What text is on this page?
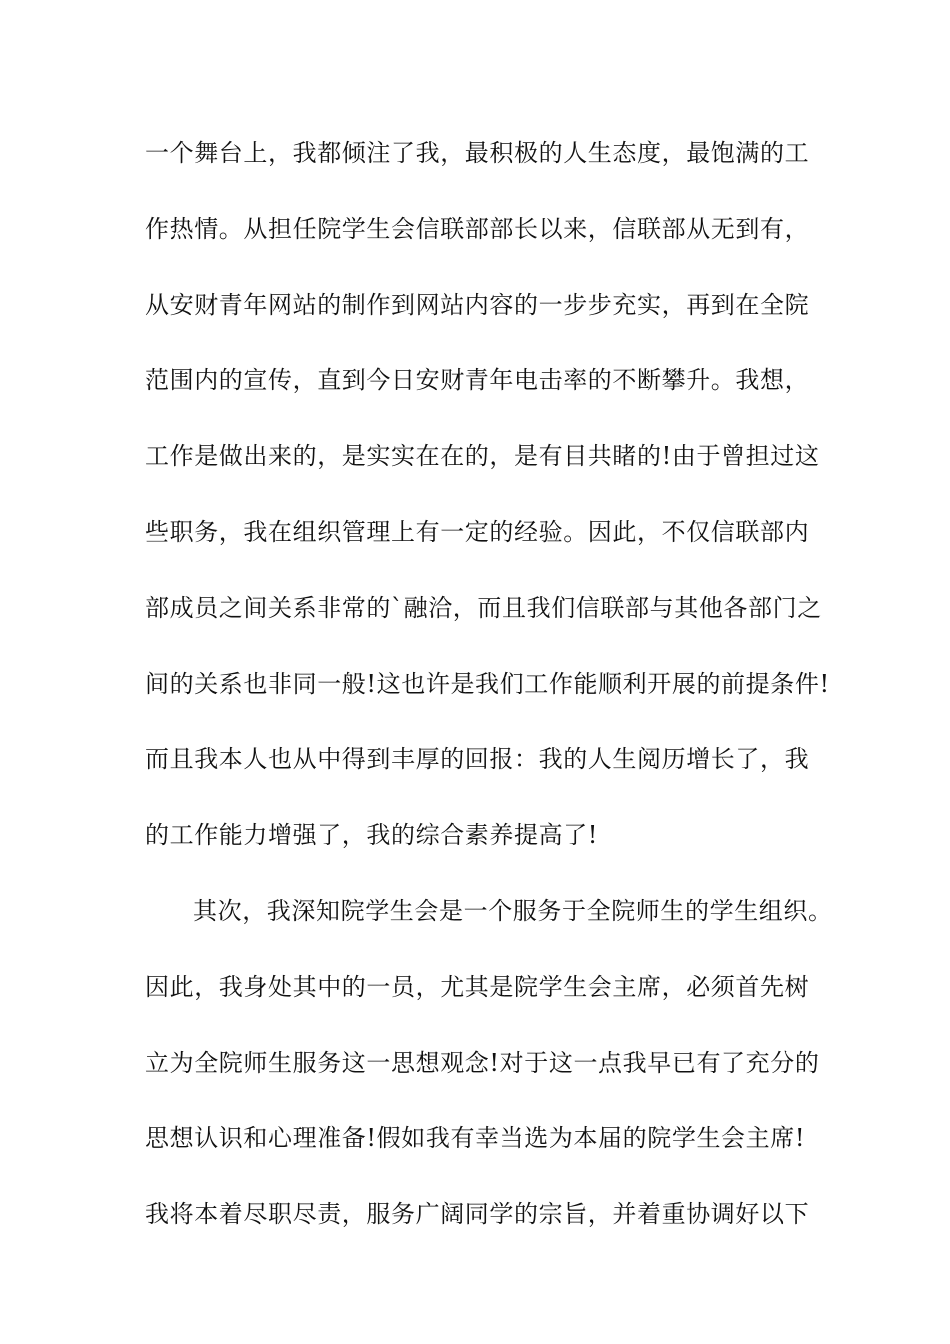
一个舞台上，我都倾注了我，最积极的人生态度，最饱满的工
作热情。从担任院学生会信联部部长以来，信联部从无到有，
从安财青年网站的制作到网站内容的一步步充实，再到在全院
范围内的宣传，直到今日安财青年电击率的不断攀升。我想，
工作是做出来的，是实实在在的，是有目共睹的!由于曾担过这
些职务，我在组织管理上有一定的经验。因此，不仅信联部内
部成员之间关系非常的`融洽，而且我们信联部与其他各部门之
间的关系也非同一般!这也许是我们工作能顺利开展的前提条件!
而且我本人也从中得到丰厚的回报：我的人生阅历增长了，我
的工作能力增强了，我的综合素养提高了!
其次，我深知院学生会是一个服务于全院师生的学生组织。
因此，我身处其中的一员，尤其是院学生会主席，必须首先树
立为全院师生服务这一思想观念!对于这一点我早已有了充分的
思想认识和心理准备!假如我有幸当选为本届的院学生会主席!
我将本着尽职尽责，服务广阔同学的宗旨，并着重协调好以下
